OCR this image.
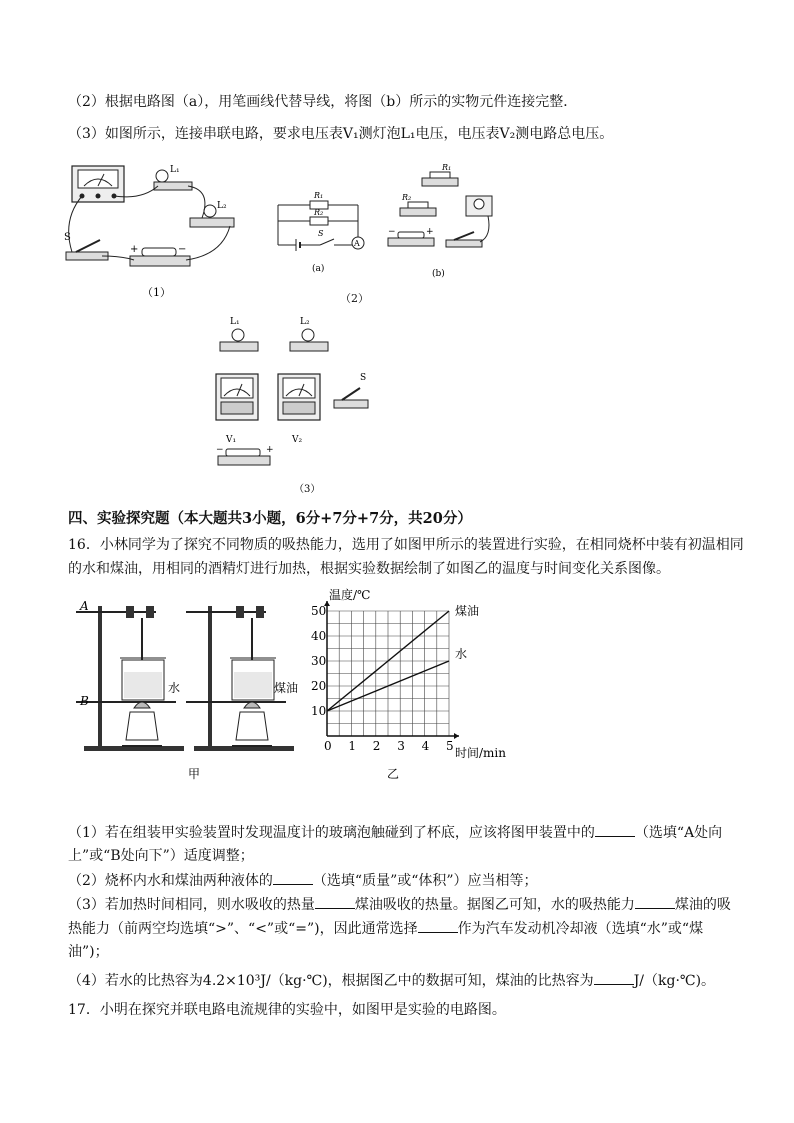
（2）根据电路图（a），用笔画线代替导线，将图（b）所示的实物元件连接完整．
（3）如图所示，连接串联电路，要求电压表V₁测灯泡L₁电压，电压表V₂测电路总电压。
L₁
L₂
S
+	−
（1）
R₁
R₂
A
S
(a)
R₁
R₂
−	+
(b)
（2）
L₁	L₂
V₁	V₂
S
−	+
（3）
四、实验探究题（本大题共3小题，6分+7分+7分，共20分）
16．小林同学为了探究不同物质的吸热能力，选用了如图甲所示的装置进行实验，在相同烧杯中装有初温相同
的水和煤油，用相同的酒精灯进行加热，根据实验数据绘制了如图乙的温度与时间变化关系图像。
A
水
B
煤油
甲
0 1 2 3 4 5
10
20
30
40
50	煤油
水
温度/℃
时间/min
乙
（1）若在组装甲实验装置时发现温度计的玻璃泡触碰到了杯底，应该将图甲装置中的	（选填“A处向
上”或“B处向下”）适度调整；
（2）烧杯内水和煤油两种液体的	（选填“质量”或“体积”）应当相等；
（3）若加热时间相同，则水吸收的热量	煤油吸收的热量。据图乙可知，水的吸热能力	煤油的吸
热能力（前两空均选填“>”、“<”或“=”)，因此通常选择	作为汽车发动机冷却液（选填“水”或“煤
油”)；
（4）若水的比热容为4.2×10³J/（kg·℃)，根据图乙中的数据可知，煤油的比热容为	J/（kg·℃)。
17．小明在探究并联电路电流规律的实验中，如图甲是实验的电路图。
